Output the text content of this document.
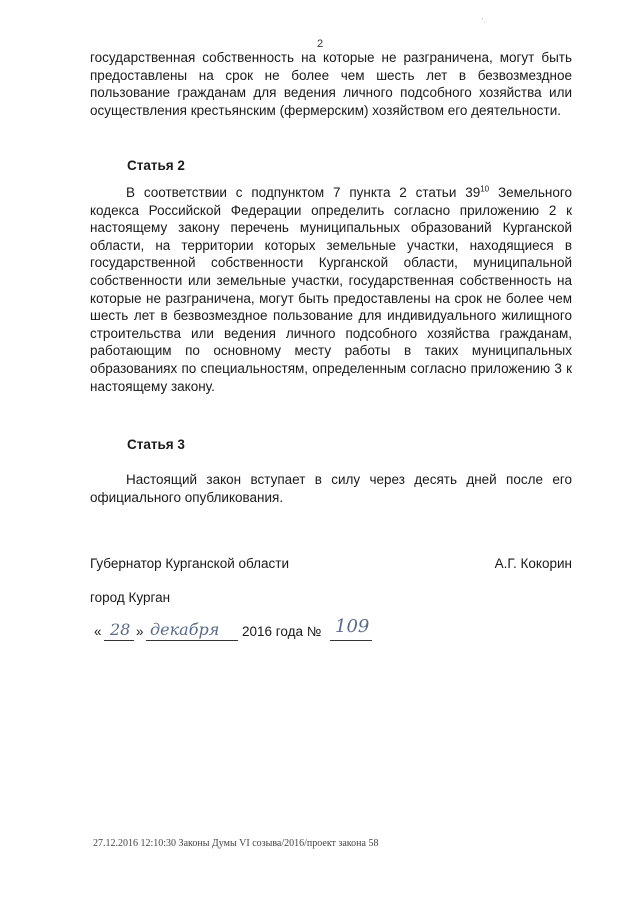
'.
2

государственная собственность на которые не разграничена, могут быть предоставлены на срок не более чем шесть лет в безвозмездное пользование гражданам для ведения личного подсобного хозяйства или осуществления крестьянским (фермерским) хозяйством его деятельности.

Статья 2

В соответствии с подпунктом 7 пункта 2 статьи $39^{10}$ Земельного кодекса Российской Федерации определить согласно приложению 2 к настоящему закону перечень муниципальных образований Курганской области, на территории которых земельные участки, находящиеся в государственной собственности Курганской области, муниципальной собственности или земельные участки, государственная собственность на которые не разграничена, могут быть предоставлены на срок не более чем шесть лет в безвозмездное пользование для индивидуального жилищного строительства или ведения личного подсобного хозяйства гражданам, работающим по основному месту работы в таких муниципальных образованиях по специальностям, определенным согласно приложению 3 к настоящему закону.

Статья 3

Настоящий закон вступает в силу через десять дней после его официального опубликования.

Губернатор Курганской области	А.Г. Кокорин
город Курган
« 28 » декабря 2016 года № 109
27.12.2016 12:10:30 Законы Думы VI созыва/2016/проект закона 58
